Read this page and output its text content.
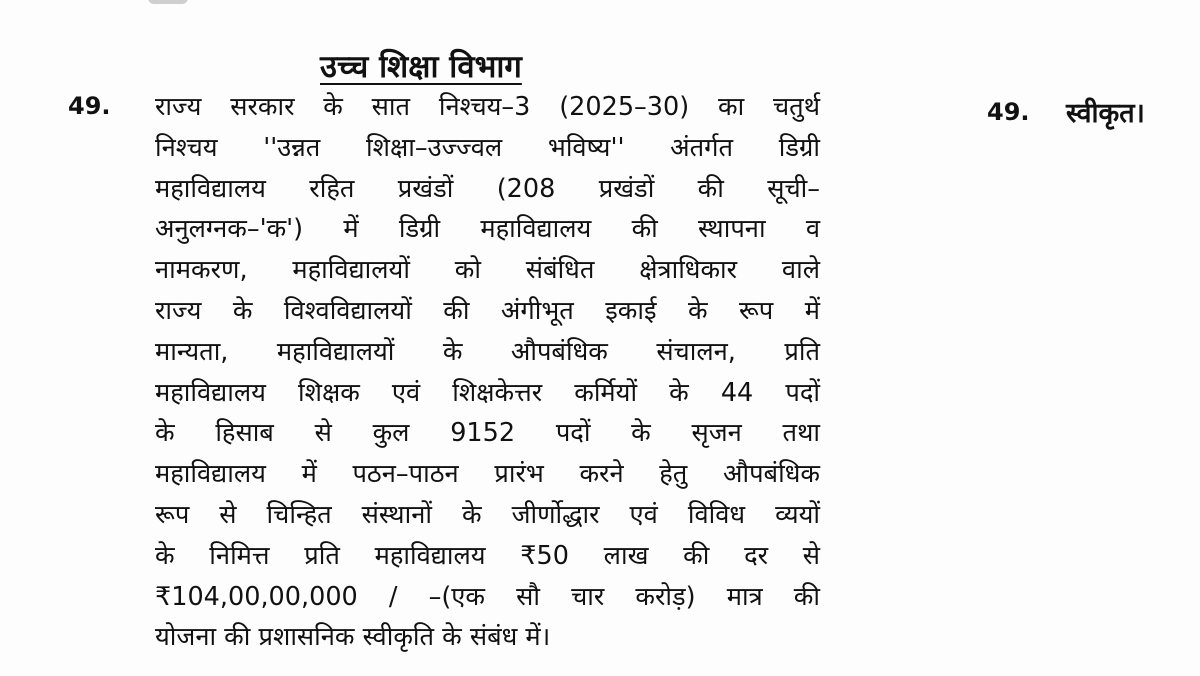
उच्च शिक्षा विभाग
49. राज्य सरकार के सात निश्चय–3 (2025–30) का चतुर्थ
निश्चय ''उन्नत शिक्षा–उज्ज्वल भविष्य'' अंतर्गत डिग्री
महाविद्यालय रहित प्रखंडों (208 प्रखंडों की सूची–
अनुलग्नक–'क') में डिग्री महाविद्यालय की स्थापना व
नामकरण, महाविद्यालयों को संबंधित क्षेत्राधिकार वाले
राज्य के विश्वविद्यालयों की अंगीभूत इकाई के रूप में
मान्यता, महाविद्यालयों के औपबंधिक संचालन, प्रति
महाविद्यालय शिक्षक एवं शिक्षकेत्तर कर्मियों के 44 पदों
के हिसाब से कुल 9152 पदों के सृजन तथा
महाविद्यालय में पठन–पाठन प्रारंभ करने हेतु औपबंधिक
रूप से चिन्हित संस्थानों के जीर्णोद्धार एवं विविध व्ययों
के निमित्त प्रति महाविद्यालय ₹50 लाख की दर से
₹104,00,00,000 / –(एक सौ चार करोड़) मात्र की
योजना की प्रशासनिक स्वीकृति के संबंध में।
49. स्वीकृत।
